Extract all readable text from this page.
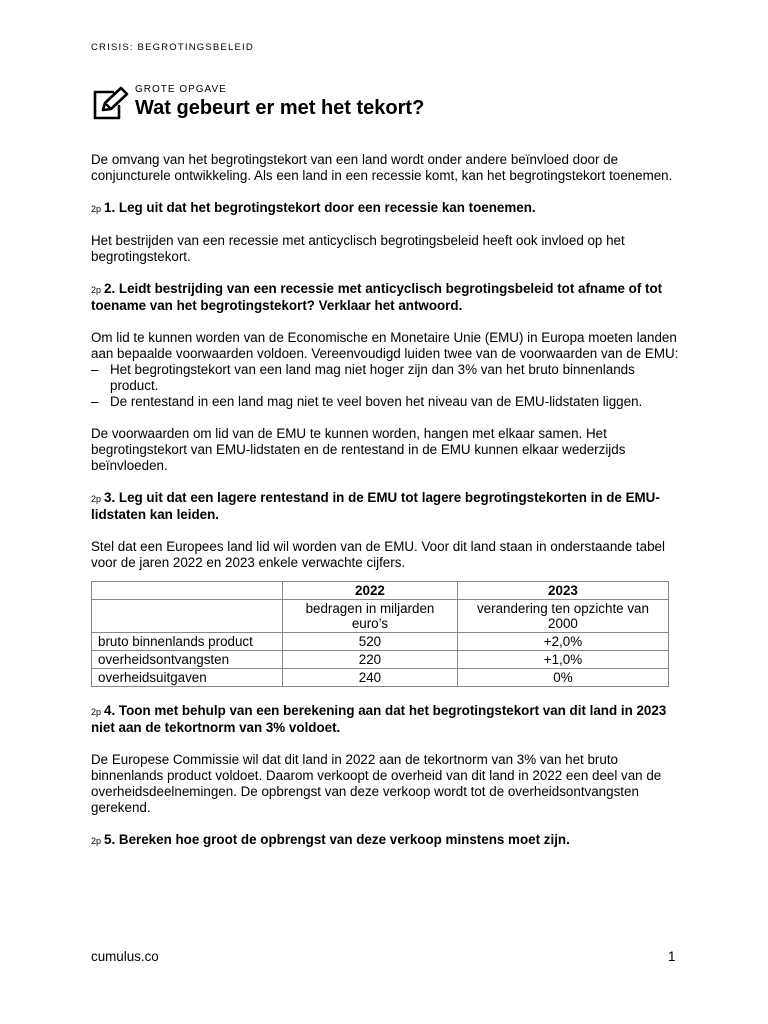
CRISIS: BEGROTINGSBELEID
GROTE OPGAVE
Wat gebeurt er met het tekort?

De omvang van het begrotingstekort van een land wordt onder andere beïnvloed door de conjuncturele ontwikkeling. Als een land in een recessie komt, kan het begrotingstekort toenemen.

2p 1. Leg uit dat het begrotingstekort door een recessie kan toenemen.

Het bestrijden van een recessie met anticyclisch begrotingsbeleid heeft ook invloed op het begrotingstekort.

2p 2. Leidt bestrijding van een recessie met anticyclisch begrotingsbeleid tot afname of tot toename van het begrotingstekort? Verklaar het antwoord.

Om lid te kunnen worden van de Economische en Monetaire Unie (EMU) in Europa moeten landen aan bepaalde voorwaarden voldoen. Vereenvoudigd luiden twee van de voorwaarden van de EMU:

– Het begrotingstekort van een land mag niet hoger zijn dan 3% van het bruto binnenlands product.
– De rentestand in een land mag niet te veel boven het niveau van de EMU-lidstaten liggen.

De voorwaarden om lid van de EMU te kunnen worden, hangen met elkaar samen. Het begrotingstekort van EMU-lidstaten en de rentestand in de EMU kunnen elkaar wederzijds beïnvloeden.

2p 3. Leg uit dat een lagere rentestand in de EMU tot lagere begrotingstekorten in de EMU-lidstaten kan leiden.

Stel dat een Europees land lid wil worden van de EMU. Voor dit land staan in onderstaande tabel voor de jaren 2022 en 2023 enkele verwachte cijfers.

	2022	2023
	bedragen in miljarden euro’s	verandering ten opzichte van 2000
bruto binnenlands product	520	+2,0%
overheidsontvangsten	220	+1,0%
overheidsuitgaven	240	0%

2p 4. Toon met behulp van een berekening aan dat het begrotingstekort van dit land in 2023 niet aan de tekortnorm van 3% voldoet.

De Europese Commissie wil dat dit land in 2022 aan de tekortnorm van 3% van het bruto binnenlands product voldoet. Daarom verkoopt de overheid van dit land in 2022 een deel van de overheidsdeelnemingen. De opbrengst van deze verkoop wordt tot de overheidsontvangsten gerekend.

2p 5. Bereken hoe groot de opbrengst van deze verkoop minstens moet zijn.

cumulus.co	1
